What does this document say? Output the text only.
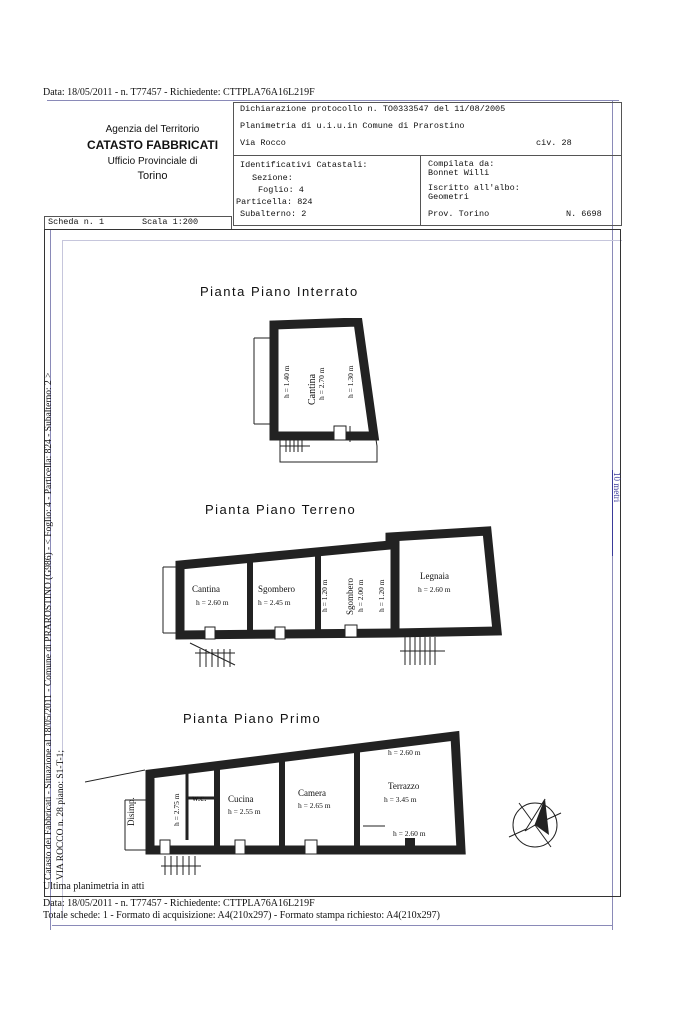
Data: 18/05/2011 - n. T77457 - Richiedente: CTTPLA76A16L219F
Agenzia del Territorio
CATASTO FABBRICATI
Ufficio Provinciale di
Torino
Dichiarazione protocollo n. TO0333547 del 11/08/2005
Planimetria di u.i.u.in Comune di Prarostino
Via Rocco	civ. 28
Identificativi Catastali:
Sezione:
Foglio: 4
Particella: 824
Subalterno: 2
Compilata da:
Bonnet Willi
Iscritto all'albo:
Geometri
Prov. Torino	N. 6698
Scheda n. 1	Scala 1:200
10 metri
Catasto dei Fabbricati - Situazione al 18/05/2011 - Comune di PRAROSTINO (G986) - < Foglio: 4 - Particella: 824 - Subalterno: 2 > VIA ROCCO n. 28 piano: S1-T-1;
Pianta Piano Interrato
Cantina h = 2.70 m
h = 1.40 m	h = 1.30 m
Pianta Piano Terreno
Cantina
h = 2.60 m
Sgombero
h = 2.45 m	Sgombero h = 2.00 m
h = 1.20 m	h = 1.20 m
Legnaia
h = 2.60 m
Pianta Piano Primo
Disimp.	h = 2.75 m w.c. Cucina
h = 2.55 m
Camera
h = 2.65 m
Terrazzo
h = 3.45 m
h = 2.60 m
h = 2.60 m
Ultima planimetria in atti
Data: 18/05/2011 - n. T77457 - Richiedente: CTTPLA76A16L219F
Totale schede: 1 - Formato di acquisizione: A4(210x297) - Formato stampa richiesto: A4(210x297)
